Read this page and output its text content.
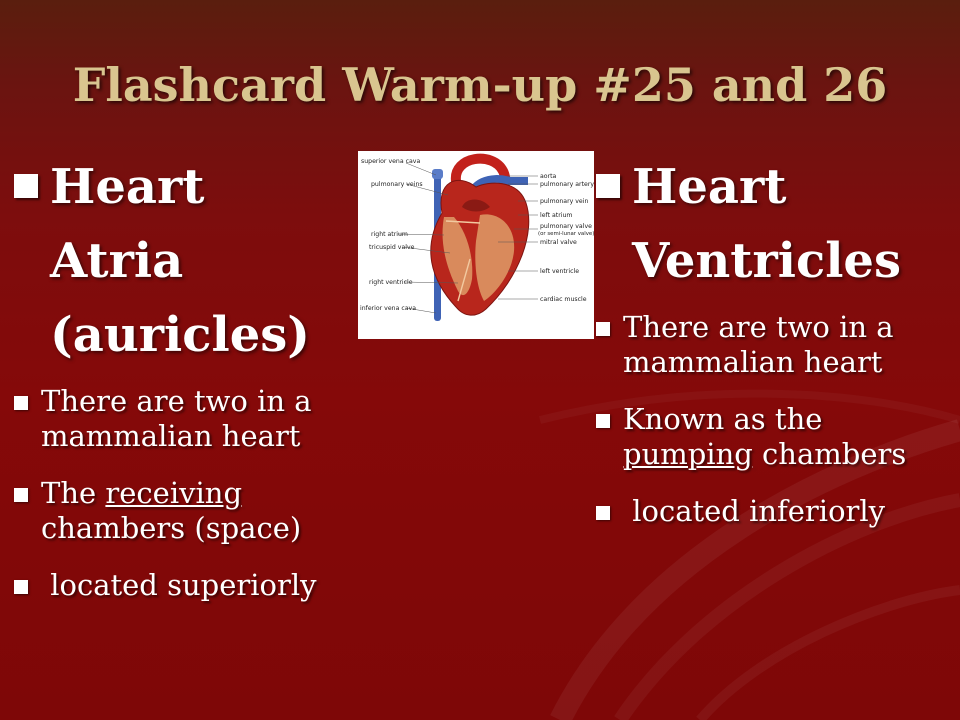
Flashcard Warm-up #25 and 26
Heart Atria
(auricles)
There are two in a mammalian heart
The receiving chambers (space)
located superiorly
superior vena cava
pulmonary veins
right atrium
tricuspid valve
right ventricle
inferior vena cava
aorta
pulmonary artery
pulmonary vein
left atrium
pulmonary valve
(or semi-lunar valve)
mitral valve
left ventricle
cardiac muscle
Heart
Ventricles
There are two in a mammalian heart
Known as the
pumping chambers
located inferiorly
